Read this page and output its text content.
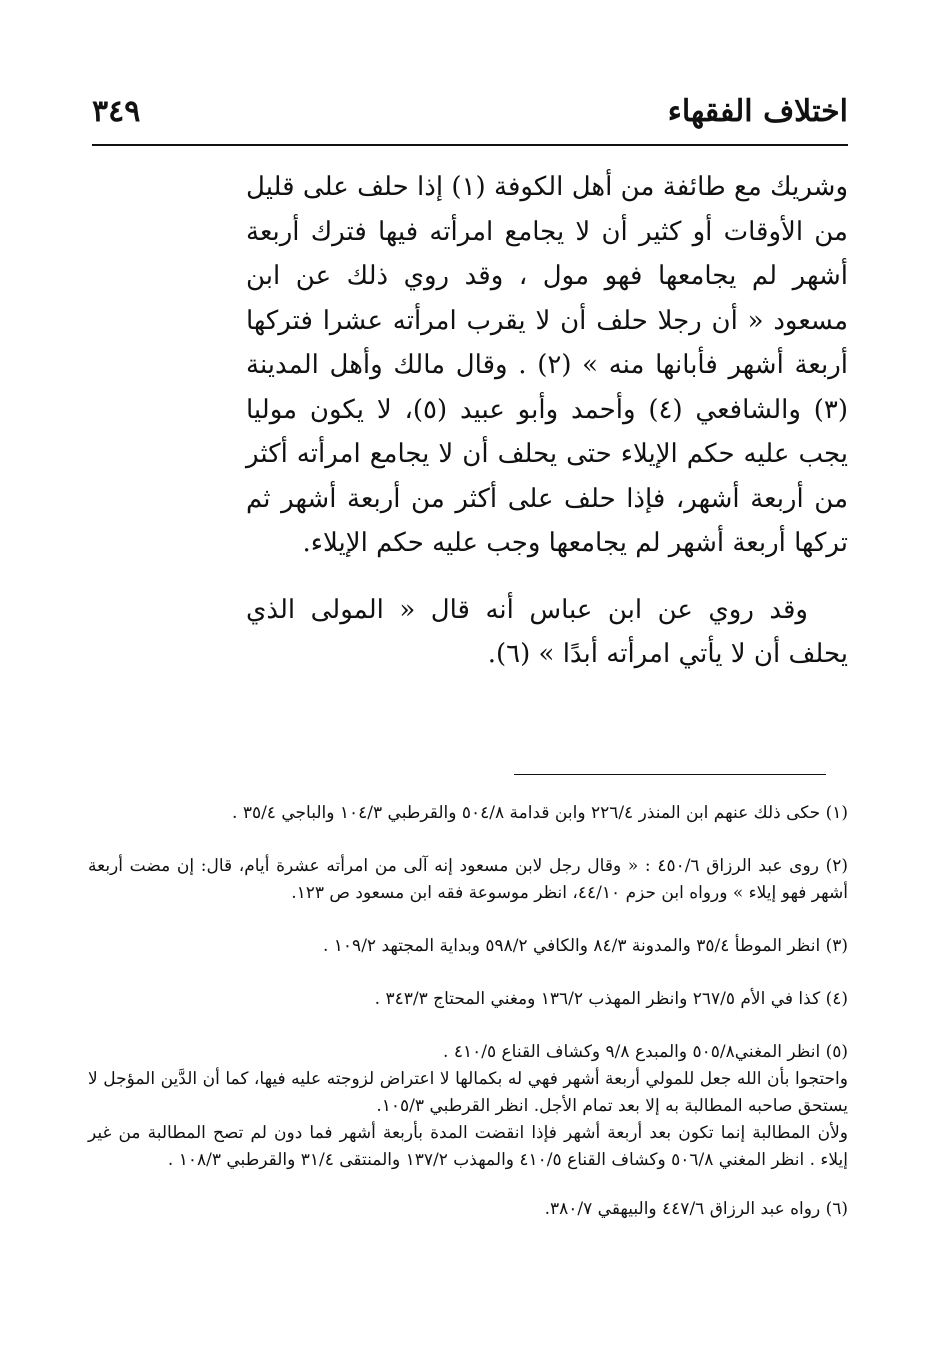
اختلاف الفقهاء
٣٤٩

وشريك مع طائفة من أهل الكوفة (١) إذا حلف على قليل من الأوقات أو كثير أن لا يجامع امرأته فيها فترك أربعة أشهر لم يجامعها فهو مول ، وقد روي ذلك عن ابن مسعود « أن رجلا حلف أن لا يقرب امرأته عشرا فتركها أربعة أشهر فأبانها منه » (٢) . وقال مالك وأهل المدينة (٣) والشافعي (٤) وأحمد وأبو عبيد (٥)، لا يكون موليا يجب عليه حكم الإيلاء حتى يحلف أن لا يجامع امرأته أكثر من أربعة أشهر، فإذا حلف على أكثر من أربعة أشهر ثم تركها أربعة أشهر لم يجامعها وجب عليه حكم الإيلاء.

وقد روي عن ابن عباس أنه قال « المولى الذي يحلف أن لا يأتي امرأته أبدًا » (٦).

(١) حكى ذلك عنهم ابن المنذر ٢٢٦/٤ وابن قدامة ٥٠٤/٨ والقرطبي ١٠٤/٣ والباجي ٣٥/٤ .
(٢) روى عبد الرزاق ٤٥٠/٦ : « وقال رجل لابن مسعود إنه آلى من امرأته عشرة أيام، قال: إن مضت أربعة أشهر فهو إيلاء » ورواه ابن حزم ٤٤/١٠، انظر موسوعة فقه ابن مسعود ص ١٢٣.
(٣) انظر الموطأ ٣٥/٤ والمدونة ٨٤/٣ والكافي ٥٩٨/٢ وبداية المجتهد ١٠٩/٢ .
(٤) كذا في الأم ٢٦٧/٥ وانظر المهذب ١٣٦/٢ ومغني المحتاج ٣٤٣/٣ .

(٥) انظر المغني٥٠٥/٨ والمبدع ٩/٨ وكشاف القناع ٤١٠/٥ .

واحتجوا بأن الله جعل للمولي أربعة أشهر فهي له بكمالها لا اعتراض لزوجته عليه فيها، كما أن الدَّين المؤجل لا يستحق صاحبه المطالبة به إلا بعد تمام الأجل. انظر القرطبي ١٠٥/٣.

ولأن المطالبة إنما تكون بعد أربعة أشهر فإذا انقضت المدة بأربعة أشهر فما دون لم تصح المطالبة من غير إيلاء . انظر المغني ٥٠٦/٨ وكشاف القناع ٤١٠/٥ والمهذب ١٣٧/٢ والمنتقى ٣١/٤ والقرطبي ١٠٨/٣ .

(٦) رواه عبد الرزاق ٤٤٧/٦ والبيهقي ٣٨٠/٧.
